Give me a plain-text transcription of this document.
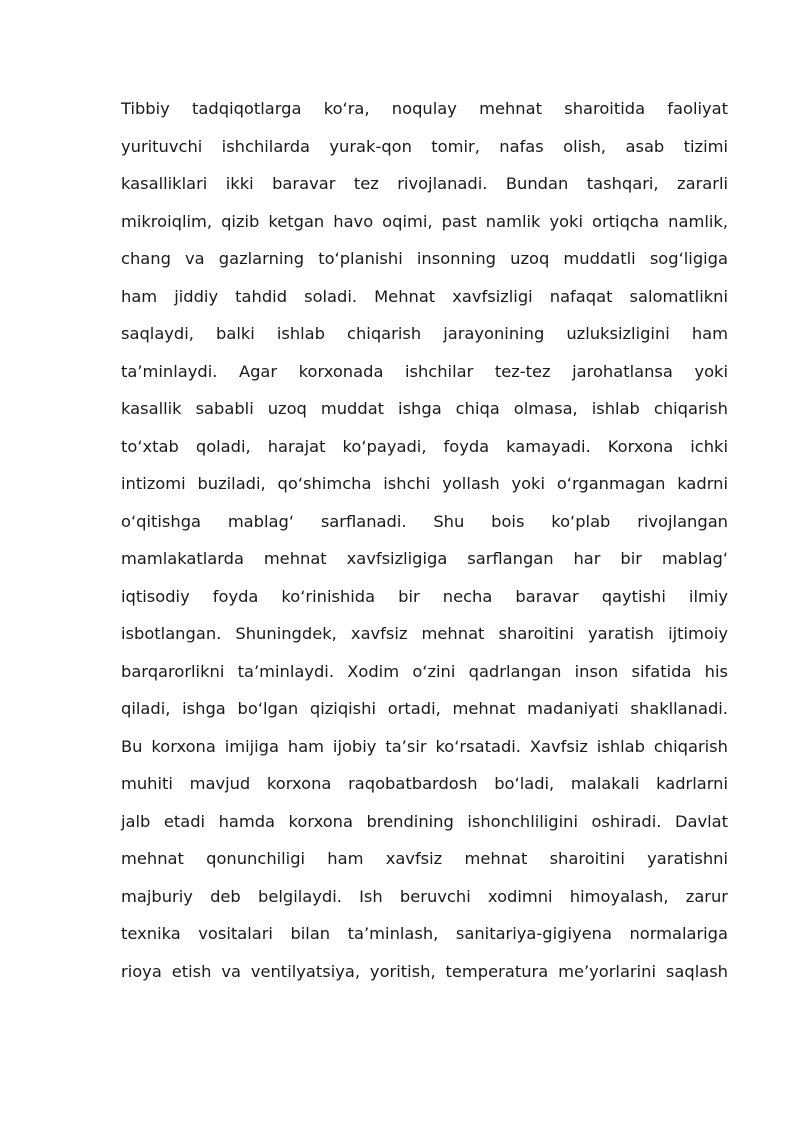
Tibbiy tadqiqotlarga ko‘ra, noqulay mehnat sharoitida faoliyat
yurituvchi ishchilarda yurak-qon tomir, nafas olish, asab tizimi
kasalliklari ikki baravar tez rivojlanadi. Bundan tashqari, zararli
mikroiqlim, qizib ketgan havo oqimi, past namlik yoki ortiqcha namlik,
chang va gazlarning to‘planishi insonning uzoq muddatli sog‘ligiga
ham jiddiy tahdid soladi. Mehnat xavfsizligi nafaqat salomatlikni
saqlaydi, balki ishlab chiqarish jarayonining uzluksizligini ham
ta’minlaydi. Agar korxonada ishchilar tez-tez jarohatlansa yoki
kasallik sababli uzoq muddat ishga chiqa olmasa, ishlab chiqarish
to‘xtab qoladi, harajat ko‘payadi, foyda kamayadi. Korxona ichki
intizomi buziladi, qo‘shimcha ishchi yollash yoki o‘rganmagan kadrni
o‘qitishga mablag‘ sarflanadi. Shu bois ko‘plab rivojlangan
mamlakatlarda mehnat xavfsizligiga sarflangan har bir mablag‘
iqtisodiy foyda ko‘rinishida bir necha baravar qaytishi ilmiy
isbotlangan. Shuningdek, xavfsiz mehnat sharoitini yaratish ijtimoiy
barqarorlikni ta’minlaydi. Xodim o‘zini qadrlangan inson sifatida his
qiladi, ishga bo‘lgan qiziqishi ortadi, mehnat madaniyati shakllanadi.
Bu korxona imijiga ham ijobiy ta’sir ko‘rsatadi. Xavfsiz ishlab chiqarish
muhiti mavjud korxona raqobatbardosh bo‘ladi, malakali kadrlarni
jalb etadi hamda korxona brendining ishonchliligini oshiradi. Davlat
mehnat qonunchiligi ham xavfsiz mehnat sharoitini yaratishni
majburiy deb belgilaydi. Ish beruvchi xodimni himoyalash, zarur
texnika vositalari bilan ta’minlash, sanitariya-gigiyena normalariga
rioya etish va ventilyatsiya, yoritish, temperatura me’yorlarini saqlash
